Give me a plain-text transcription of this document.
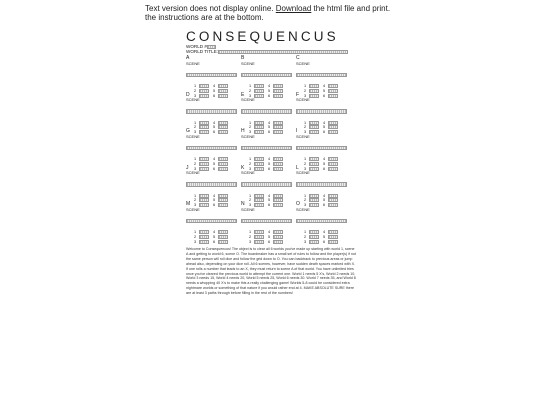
Text version does not display online. Download the html file and print.
the instructions are at the bottom.
CONSEQUENCUS
WORLD #
WORLD TITLE:
A
SCENE
1	4
2	5
3	6
B
SCENE
1	4
2	5
3	6
C
SCENE
1	4
2	5
3	6
D
SCENE
1	4
2	5
3	6
E
SCENE
1	4
2	5
3	6
F
SCENE
1	4
2	5
3	6
G
SCENE
1	4
2	5
3	6
H
SCENE
1	4
2	5
3	6
I
SCENE
1	4
2	5
3	6
J
SCENE
1	4
2	5
3	6
K
SCENE
1	4
2	5
3	6
L
SCENE
1	4
2	5
3	6
M
SCENE
1	4
2	5
3	6
N
SCENE
1	4
2	5
3	6
O
SCENE
1	4
2	5
3	6
Welcome to Consequencus! The object is to clear all 6 worlds you've made up starting with world 1, scene A and getting to world 6, scene O. The boardmaker has a small set of rules to follow and the player(s) if not the same person will roll dice and follow the grid down to O. You can backtrack to previous areas or jump ahead also, depending on your dice roll. All 6 scenes, however, have sudden death spaces marked with X. If one rolls a number that leads to an X, they must return to scene A of that world. You have unlimited tries once you've cleared the previous world to attempt the current one. World 1 needs 5 X's, World 2 needs 10, World 3 needs 15, World 4 needs 20, World 5 needs 25, World 6 needs 30. World 7 needs 35, and World 8 needs a whopping 40 X's to make this a really challenging game! Worlds 5-8 could be considered extra nightmare worlds or something of that nature if you would rather end at 4. MAKE ABSOLUTE SURE there are at least 3 paths through before filling in the rest of the numbers!
